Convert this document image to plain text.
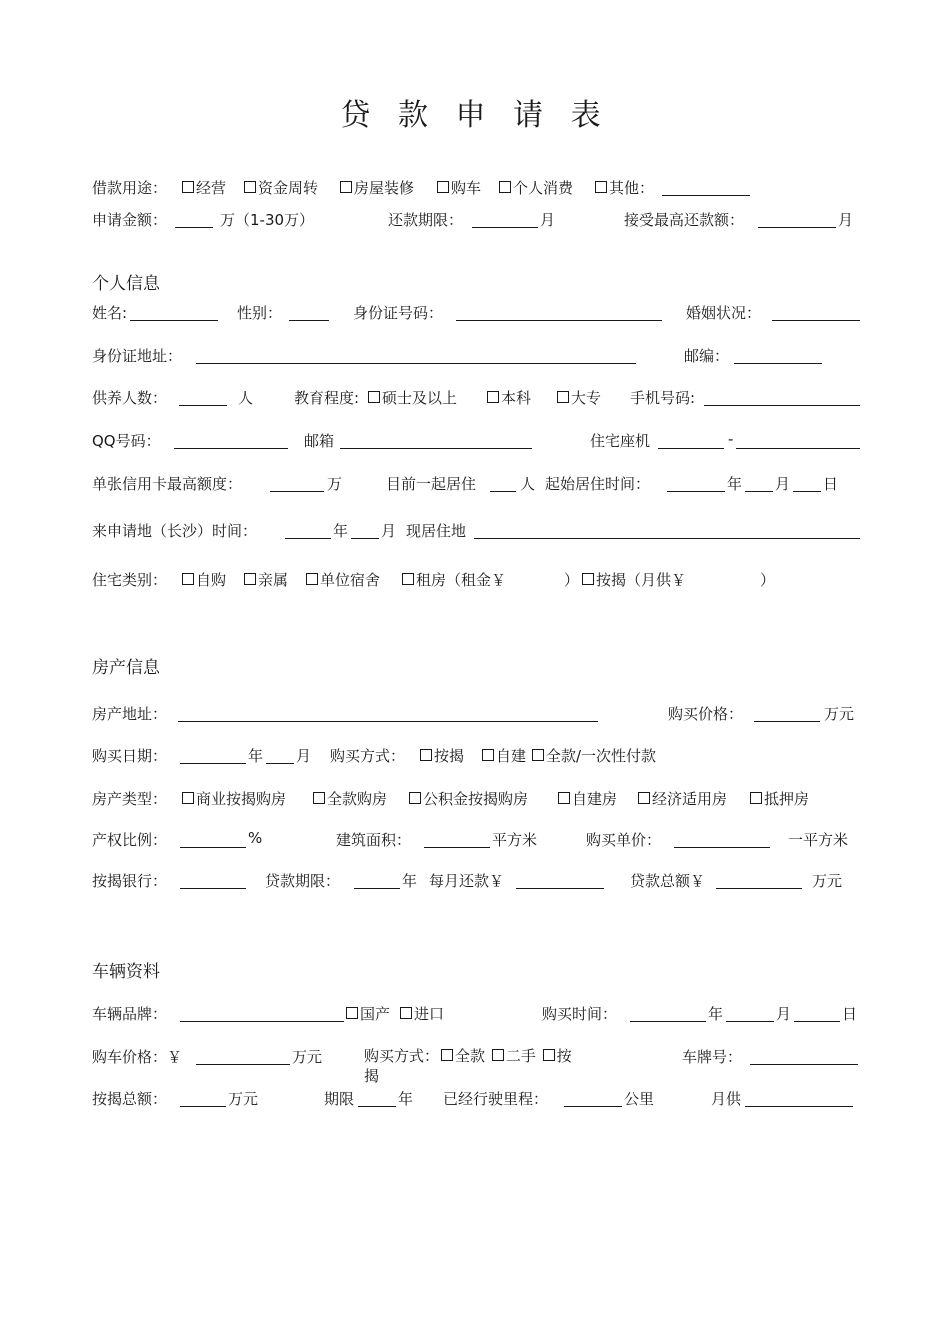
贷 款 申 请 表
借款用途：	经营	资金周转	房屋装修	购车	个人消费	其他：
申请金额：	万（1-30万）	还款期限：	月	接受最高还款额：	月
个人信息
姓名:	性别：	身份证号码：	婚姻状况：
身份证地址：	邮编：
供养人数：	人	教育程度:	硕士及以上	本科	大专 手机号码:
QQ号码：	邮箱	住宅座机	-
单张信用卡最高额度：	万	目前一起居住	人 起始居住时间：	年 月 日
来申请地（长沙）时间：	年 月 现居住地
住宅类别：	自购	亲属	单位宿舍	租房（租金￥	）	按揭（月供￥	）
房产信息
房产地址：	购买价格：	万元
购买日期：	年 月 购买方式：	按揭	自建	全款/一次性付款
房产类型：	商业按揭购房	全款购房	公积金按揭购房	自建房	经济适用房	抵押房
产权比例：	%	建筑面积：	平方米	购买单价：	一平方米
按揭银行：	贷款期限：	年 每月还款￥	贷款总额￥	万元
车辆资料
车辆品牌：	国产	进口	购买时间：	年	月	日
购车价格：￥	万元	购买方式： 全款 二手 按
揭
车牌号：
按揭总额：	万元	期限	年 已经行驶里程：	公里	月供
